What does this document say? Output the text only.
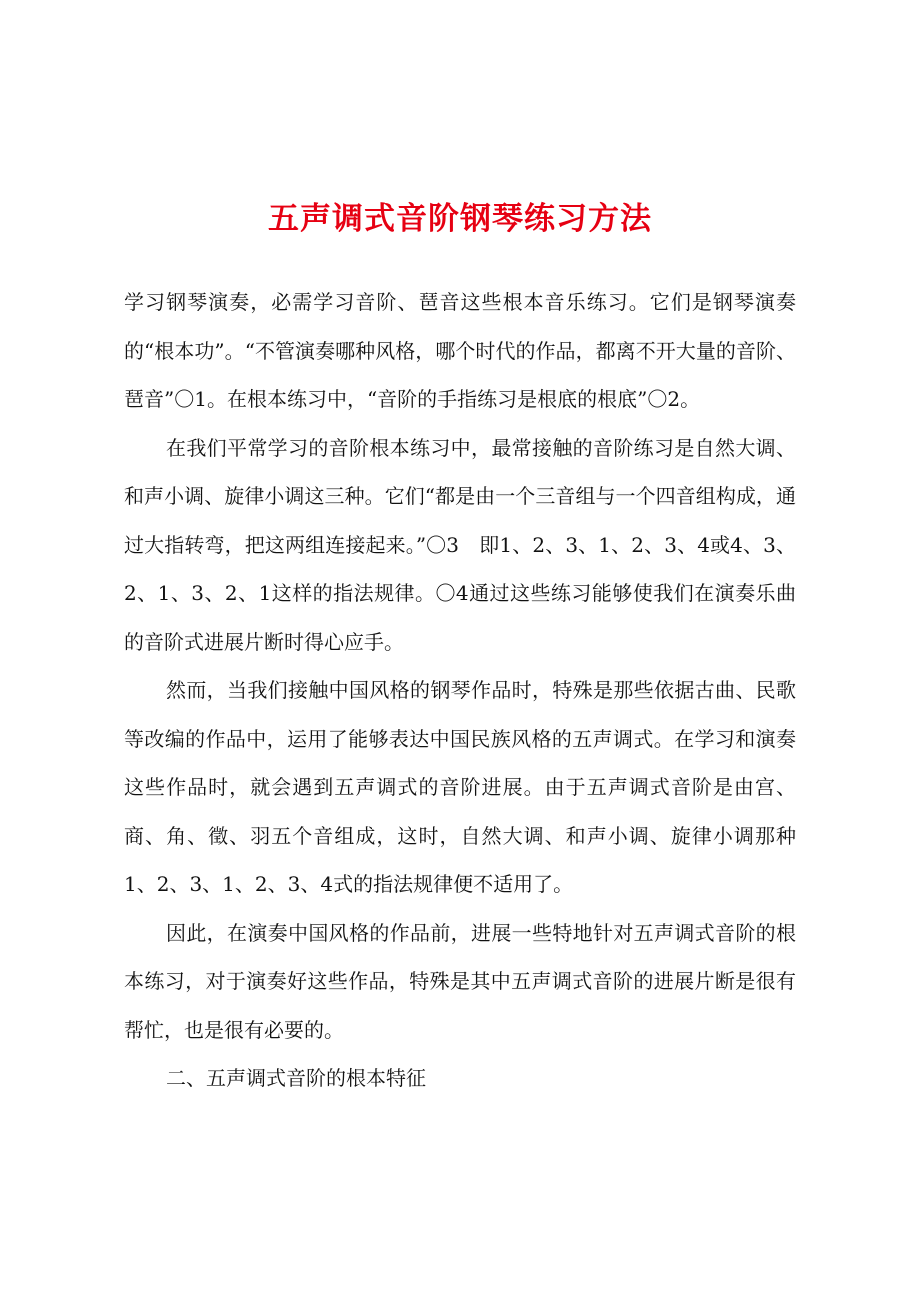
五声调式音阶钢琴练习方法

学习钢琴演奏，必需学习音阶、琶音这些根本音乐练习。它们是钢琴演奏的“根本功”。“不管演奏哪种风格，哪个时代的作品，都离不开大量的音阶、琶音”〇1。在根本练习中，“音阶的手指练习是根底的根底”〇2。

在我们平常学习的音阶根本练习中，最常接触的音阶练习是自然大调、和声小调、旋律小调这三种。它们“都是由一个三音组与一个四音组构成，通过大指转弯，把这两组连接起来。”〇3　即1、2、3、1、2、3、4或4、3、2、1、3、2、1这样的指法规律。〇4通过这些练习能够使我们在演奏乐曲的音阶式进展片断时得心应手。

然而，当我们接触中国风格的钢琴作品时，特殊是那些依据古曲、民歌等改编的作品中，运用了能够表达中国民族风格的五声调式。在学习和演奏这些作品时，就会遇到五声调式的音阶进展。由于五声调式音阶是由宫、商、角、徵、羽五个音组成，这时，自然大调、和声小调、旋律小调那种1、2、3、1、2、3、4式的指法规律便不适用了。

因此，在演奏中国风格的作品前，进展一些特地针对五声调式音阶的根本练习，对于演奏好这些作品，特殊是其中五声调式音阶的进展片断是很有帮忙，也是很有必要的。

二、五声调式音阶的根本特征
